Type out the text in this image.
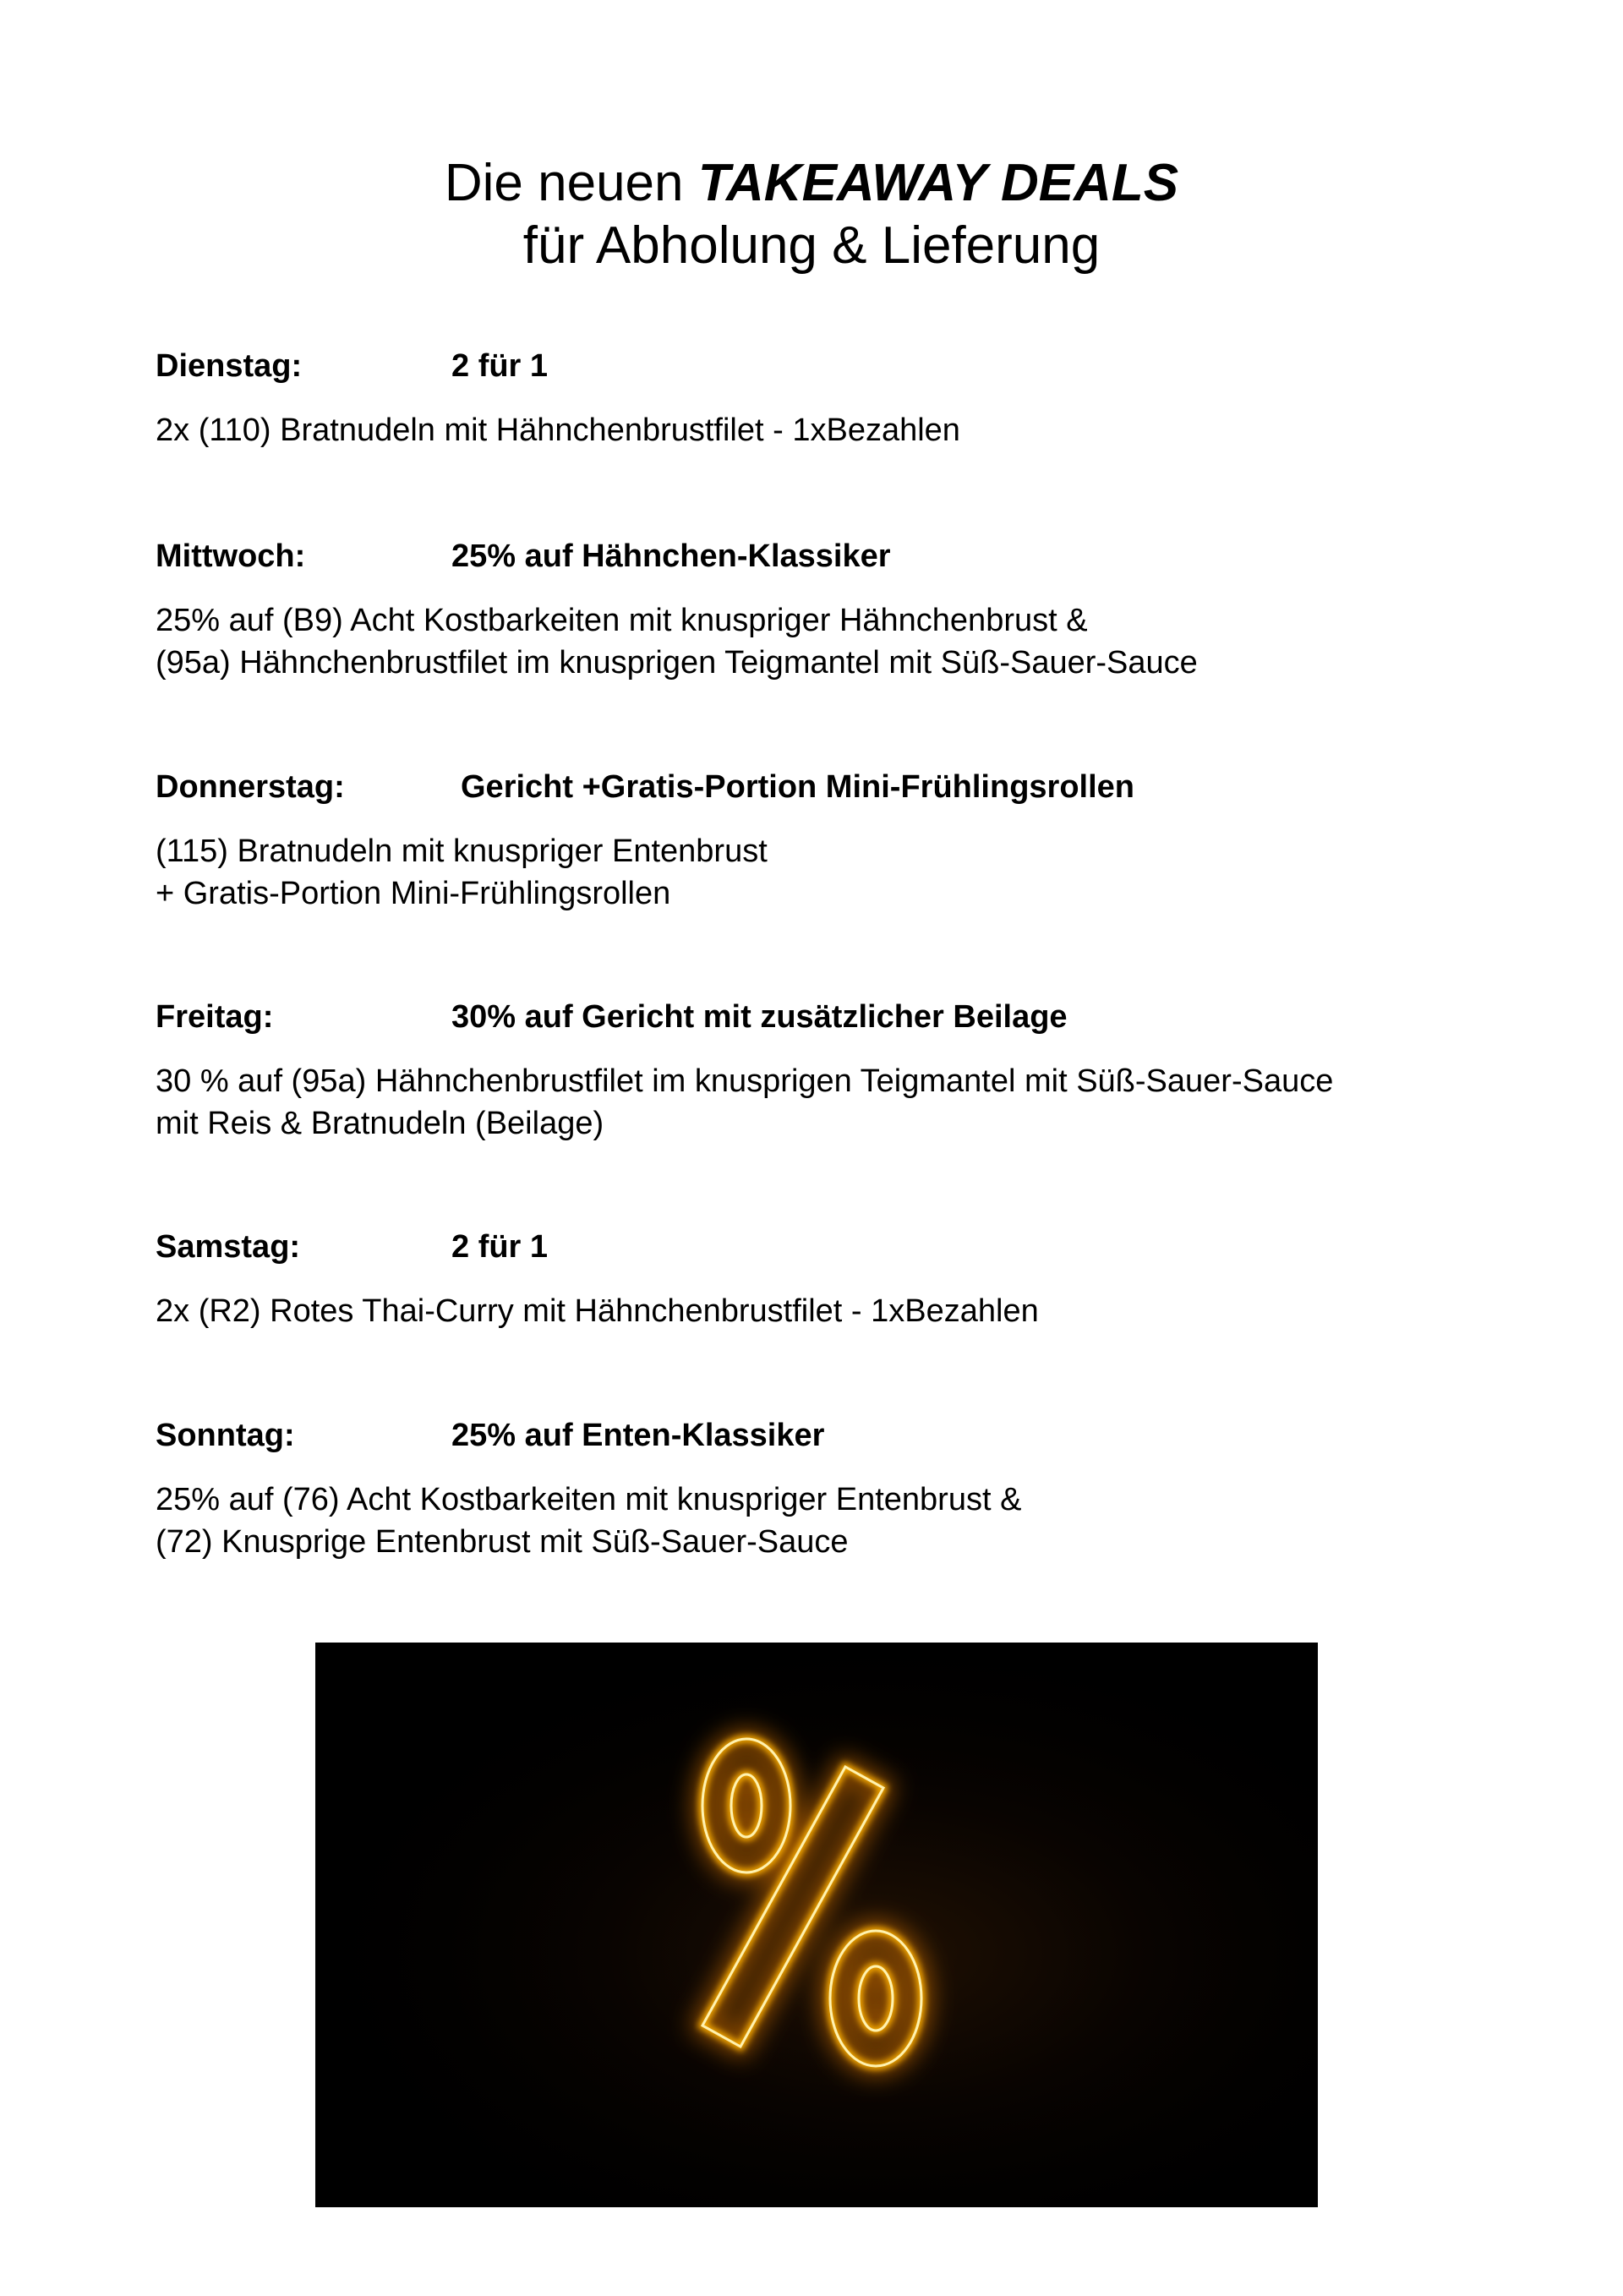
Die neuen TAKEAWAY DEALS
für Abholung & Lieferung
Dienstag:	2 für 1
2x (110) Bratnudeln mit Hähnchenbrustfilet - 1xBezahlen
Mittwoch:	25% auf Hähnchen-Klassiker
25% auf (B9) Acht Kostbarkeiten mit knuspriger Hähnchenbrust &
(95a) Hähnchenbrustfilet im knusprigen Teigmantel mit Süß-Sauer-Sauce
Donnerstag:	Gericht +Gratis-Portion Mini-Frühlingsrollen
(115) Bratnudeln mit knuspriger Entenbrust
+ Gratis-Portion Mini-Frühlingsrollen
Freitag:	30% auf Gericht mit zusätzlicher Beilage
30 % auf (95a) Hähnchenbrustfilet im knusprigen Teigmantel mit Süß-Sauer-Sauce
mit Reis & Bratnudeln (Beilage)
Samstag:	2 für 1
2x (R2) Rotes Thai-Curry mit Hähnchenbrustfilet - 1xBezahlen
Sonntag:	25% auf Enten-Klassiker
25% auf (76) Acht Kostbarkeiten mit knuspriger Entenbrust &
(72) Knusprige Entenbrust mit Süß-Sauer-Sauce
